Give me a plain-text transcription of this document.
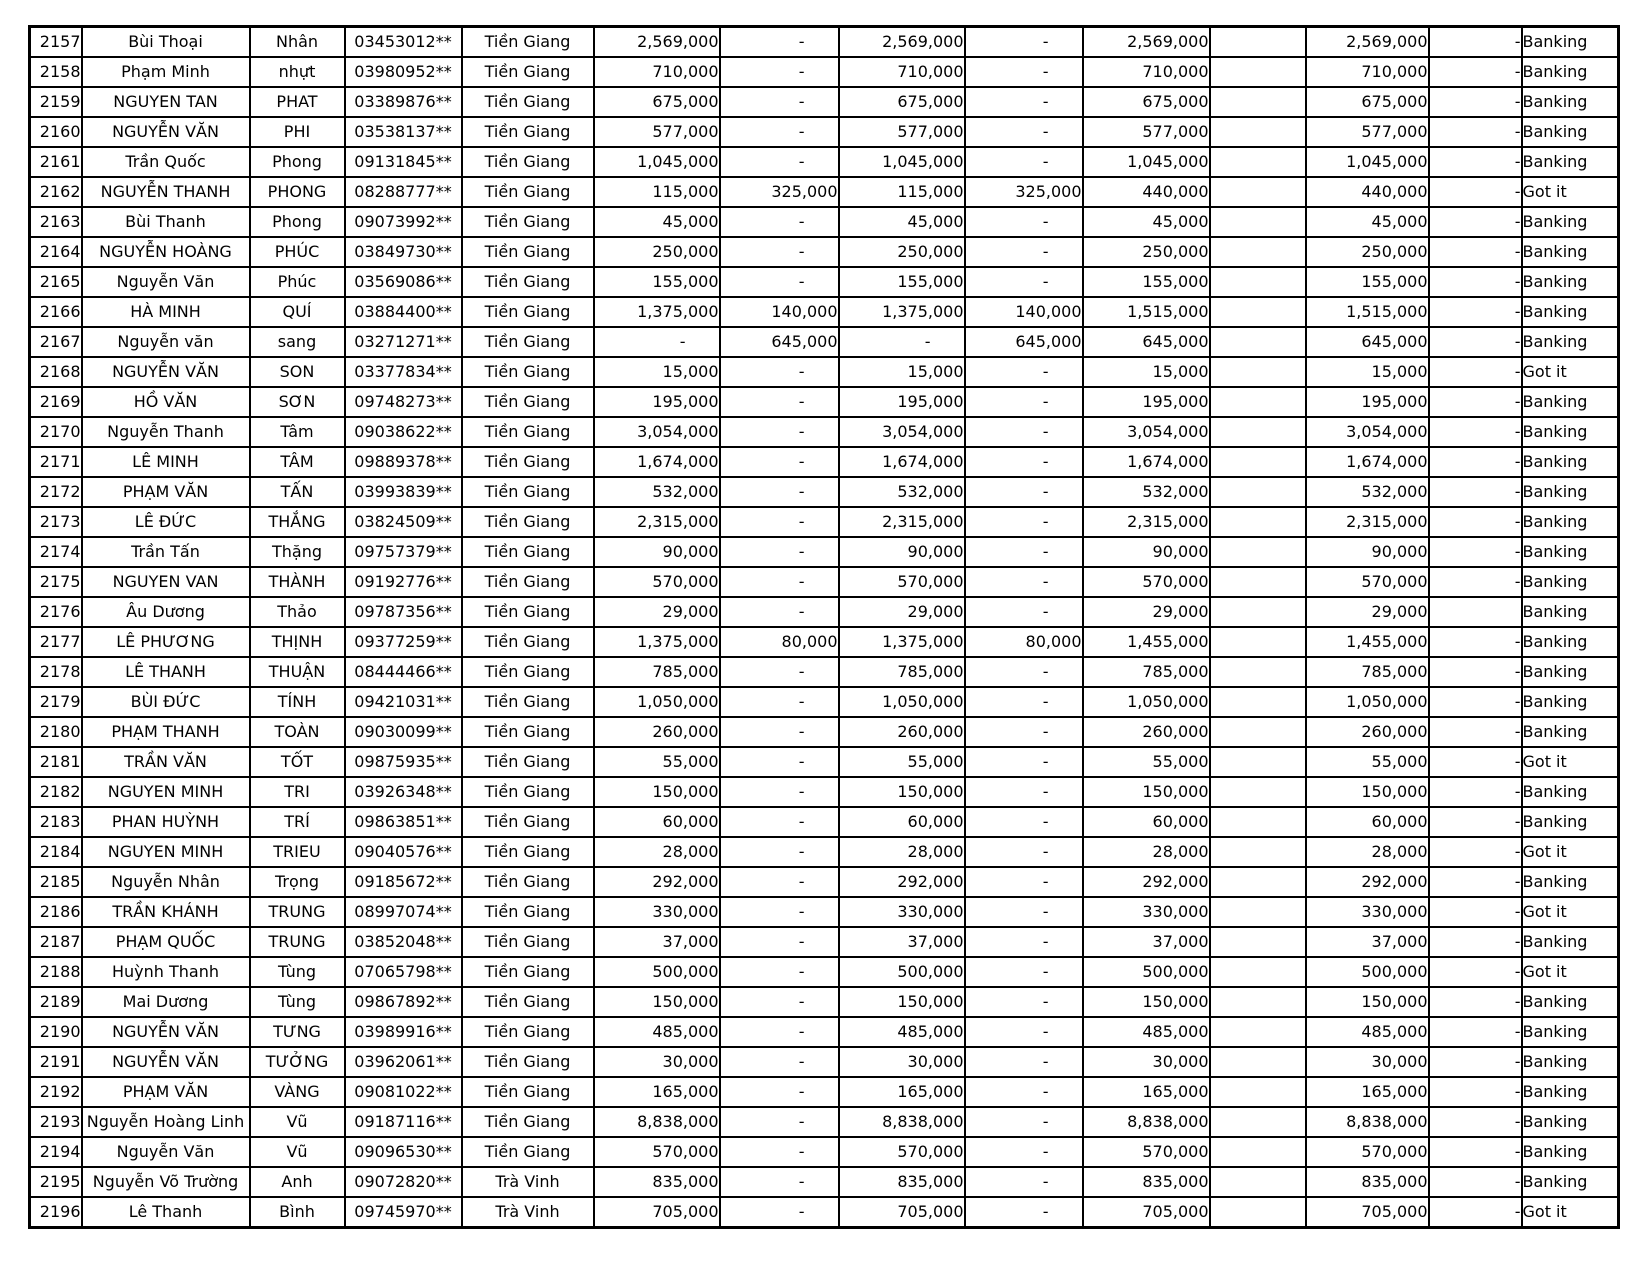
2157	Bùi Thoại	Nhân	03453012**	Tiền Giang	2,569,000	-	2,569,000	-	2,569,000		2,569,000	-	Banking
2158	Phạm Minh	nhựt	03980952**	Tiền Giang	710,000	-	710,000	-	710,000		710,000	-	Banking
2159	NGUYEN TAN	PHAT	03389876**	Tiền Giang	675,000	-	675,000	-	675,000		675,000	-	Banking
2160	NGUYỄN VĂN	PHI	03538137**	Tiền Giang	577,000	-	577,000	-	577,000		577,000	-	Banking
2161	Trần Quốc	Phong	09131845**	Tiền Giang	1,045,000	-	1,045,000	-	1,045,000		1,045,000	-	Banking
2162	NGUYỄN THANH	PHONG	08288777**	Tiền Giang	115,000	325,000	115,000	325,000	440,000		440,000	-	Got it
2163	Bùi Thanh	Phong	09073992**	Tiền Giang	45,000	-	45,000	-	45,000		45,000	-	Banking
2164	NGUYỄN HOÀNG	PHÚC	03849730**	Tiền Giang	250,000	-	250,000	-	250,000		250,000	-	Banking
2165	Nguyễn Văn	Phúc	03569086**	Tiền Giang	155,000	-	155,000	-	155,000		155,000	-	Banking
2166	HÀ MINH	QUÍ	03884400**	Tiền Giang	1,375,000	140,000	1,375,000	140,000	1,515,000		1,515,000	-	Banking
2167	Nguyễn văn	sang	03271271**	Tiền Giang	-	645,000	-	645,000	645,000		645,000	-	Banking
2168	NGUYỄN VĂN	SON	03377834**	Tiền Giang	15,000	-	15,000	-	15,000		15,000	-	Got it
2169	HỒ VĂN	SƠN	09748273**	Tiền Giang	195,000	-	195,000	-	195,000		195,000	-	Banking
2170	Nguyễn Thanh	Tâm	09038622**	Tiền Giang	3,054,000	-	3,054,000	-	3,054,000		3,054,000	-	Banking
2171	LÊ MINH	TÂM	09889378**	Tiền Giang	1,674,000	-	1,674,000	-	1,674,000		1,674,000	-	Banking
2172	PHẠM VĂN	TẤN	03993839**	Tiền Giang	532,000	-	532,000	-	532,000		532,000	-	Banking
2173	LÊ ĐỨC	THẮNG	03824509**	Tiền Giang	2,315,000	-	2,315,000	-	2,315,000		2,315,000	-	Banking
2174	Trần Tấn	Thặng	09757379**	Tiền Giang	90,000	-	90,000	-	90,000		90,000	-	Banking
2175	NGUYEN VAN	THÀNH	09192776**	Tiền Giang	570,000	-	570,000	-	570,000		570,000	-	Banking
2176	Âu Dương	Thảo	09787356**	Tiền Giang	29,000	-	29,000	-	29,000		29,000		Banking
2177	LÊ PHƯƠNG	THỊNH	09377259**	Tiền Giang	1,375,000	80,000	1,375,000	80,000	1,455,000		1,455,000	-	Banking
2178	LÊ THANH	THUẬN	08444466**	Tiền Giang	785,000	-	785,000	-	785,000		785,000	-	Banking
2179	BÙI ĐỨC	TÍNH	09421031**	Tiền Giang	1,050,000	-	1,050,000	-	1,050,000		1,050,000	-	Banking
2180	PHẠM THANH	TOÀN	09030099**	Tiền Giang	260,000	-	260,000	-	260,000		260,000	-	Banking
2181	TRẦN VĂN	TỐT	09875935**	Tiền Giang	55,000	-	55,000	-	55,000		55,000	-	Got it
2182	NGUYEN MINH	TRI	03926348**	Tiền Giang	150,000	-	150,000	-	150,000		150,000	-	Banking
2183	PHAN HUỲNH	TRÍ	09863851**	Tiền Giang	60,000	-	60,000	-	60,000		60,000	-	Banking
2184	NGUYEN MINH	TRIEU	09040576**	Tiền Giang	28,000	-	28,000	-	28,000		28,000	-	Got it
2185	Nguyễn Nhân	Trọng	09185672**	Tiền Giang	292,000	-	292,000	-	292,000		292,000	-	Banking
2186	TRẦN KHÁNH	TRUNG	08997074**	Tiền Giang	330,000	-	330,000	-	330,000		330,000	-	Got it
2187	PHẠM QUỐC	TRUNG	03852048**	Tiền Giang	37,000	-	37,000	-	37,000		37,000	-	Banking
2188	Huỳnh Thanh	Tùng	07065798**	Tiền Giang	500,000	-	500,000	-	500,000		500,000	-	Got it
2189	Mai Dương	Tùng	09867892**	Tiền Giang	150,000	-	150,000	-	150,000		150,000	-	Banking
2190	NGUYỄN VĂN	TƯNG	03989916**	Tiền Giang	485,000	-	485,000	-	485,000		485,000	-	Banking
2191	NGUYỄN VĂN	TƯỞNG	03962061**	Tiền Giang	30,000	-	30,000	-	30,000		30,000	-	Banking
2192	PHẠM VĂN	VÀNG	09081022**	Tiền Giang	165,000	-	165,000	-	165,000		165,000	-	Banking
2193	Nguyễn Hoàng Linh	Vũ	09187116**	Tiền Giang	8,838,000	-	8,838,000	-	8,838,000		8,838,000	-	Banking
2194	Nguyễn Văn	Vũ	09096530**	Tiền Giang	570,000	-	570,000	-	570,000		570,000	-	Banking
2195	Nguyễn Võ Trường	Anh	09072820**	Trà Vinh	835,000	-	835,000	-	835,000		835,000	-	Banking
2196	Lê Thanh	Bình	09745970**	Trà Vinh	705,000	-	705,000	-	705,000		705,000	-	Got it
